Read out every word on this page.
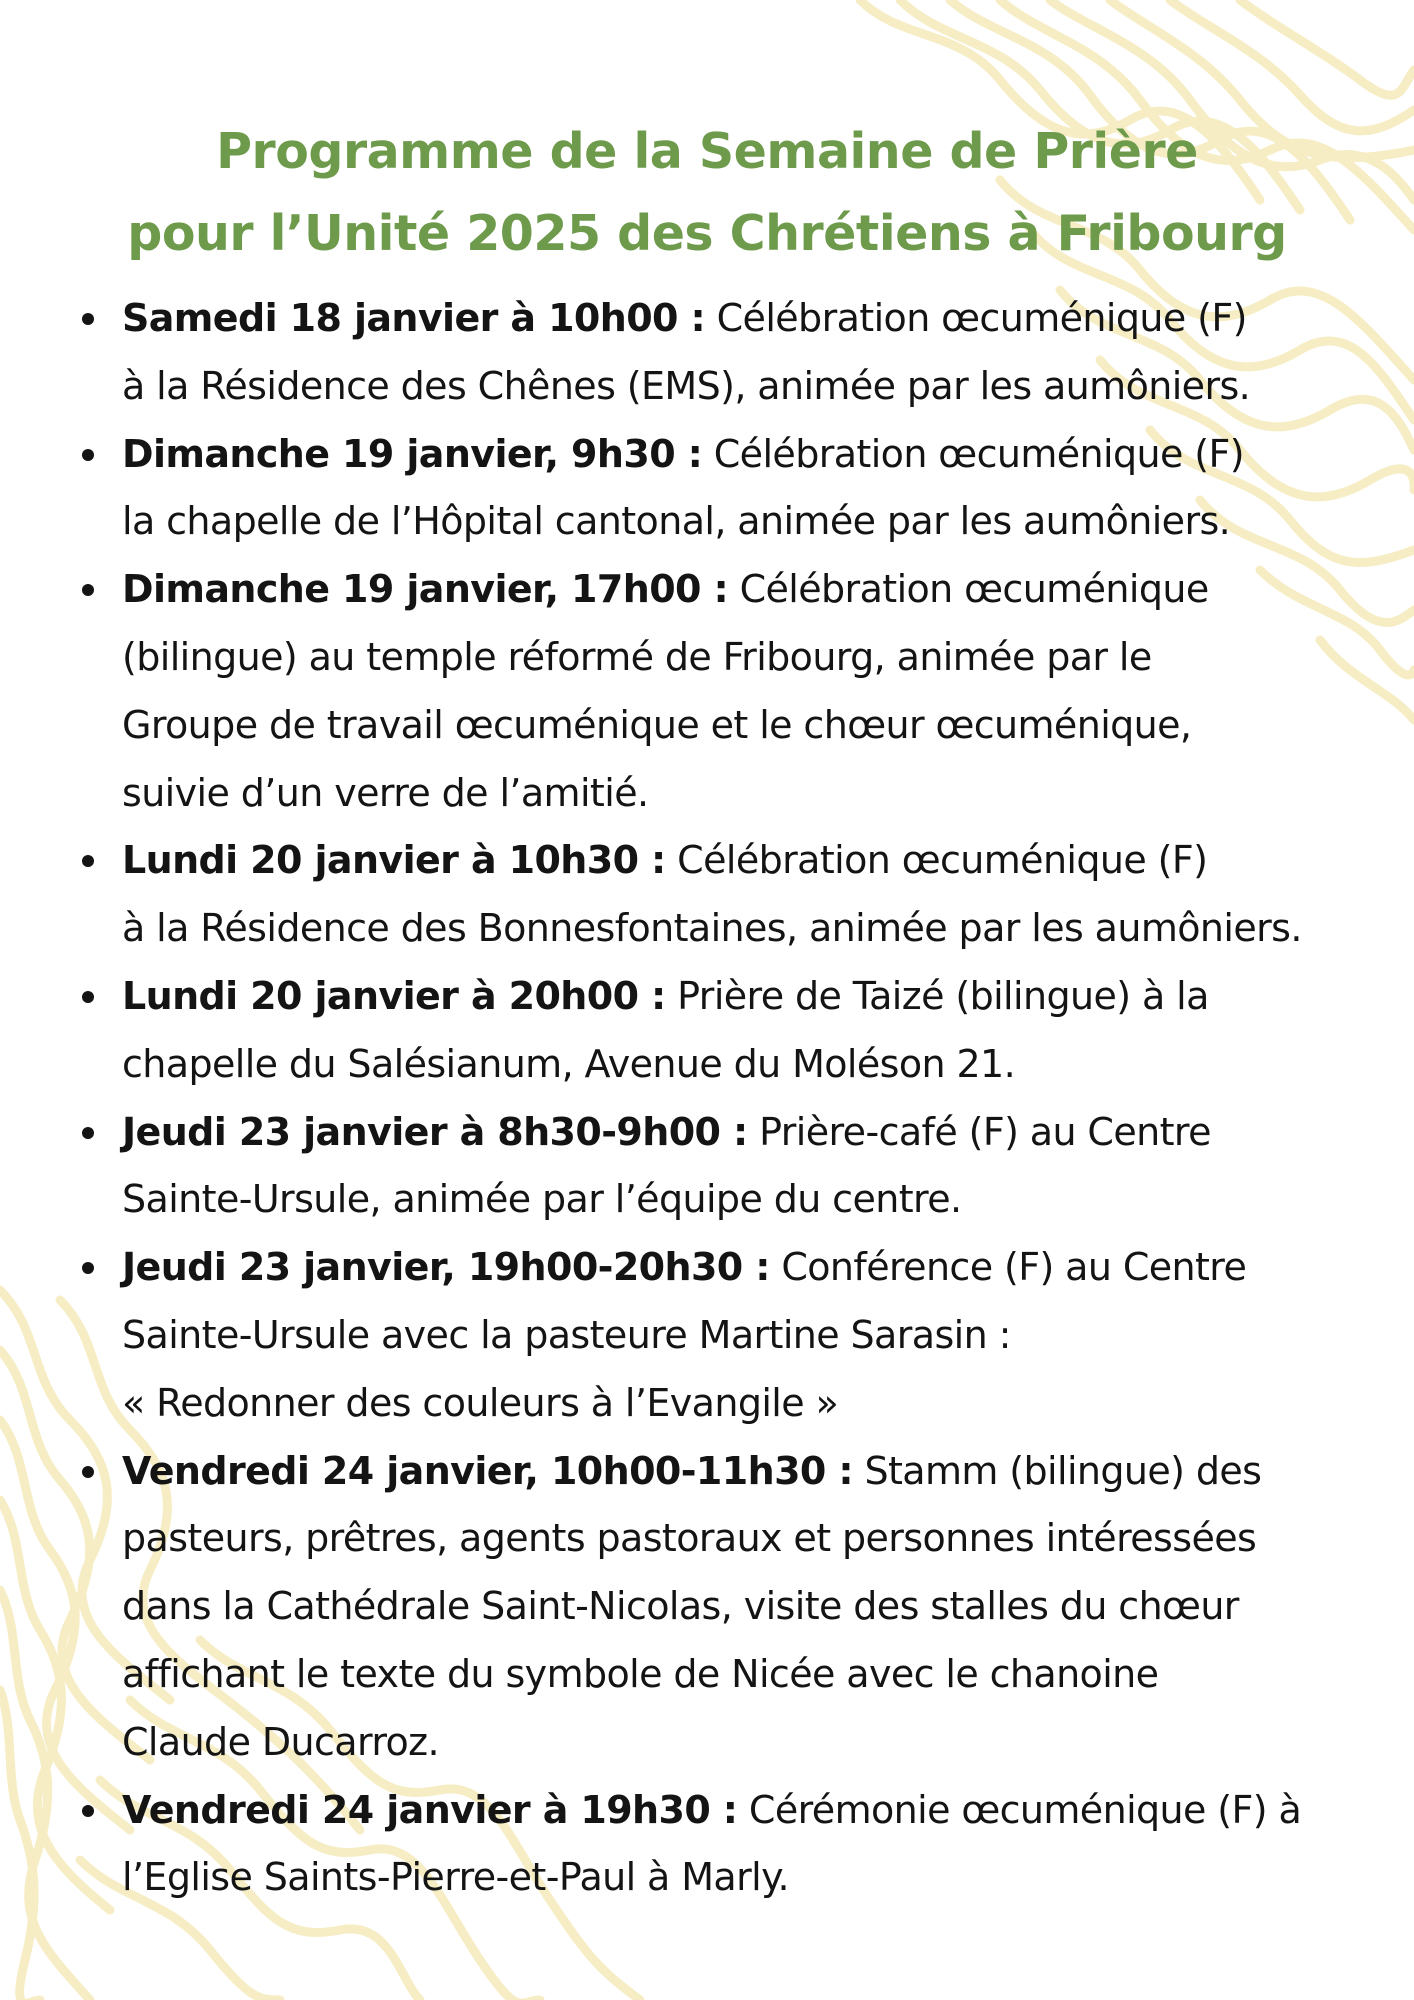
Programme de la Semaine de Prière
pour l’Unité 2025 des Chrétiens à Fribourg
Samedi 18 janvier à 10h00 : Célébration œcuménique (F)
à la Résidence des Chênes (EMS), animée par les aumôniers.
Dimanche 19 janvier, 9h30 : Célébration œcuménique (F)
la chapelle de l’Hôpital cantonal, animée par les aumôniers.
Dimanche 19 janvier, 17h00 : Célébration œcuménique
(bilingue) au temple réformé de Fribourg, animée par le
Groupe de travail œcuménique et le chœur œcuménique,
suivie d’un verre de l’amitié.
Lundi 20 janvier à 10h30 : Célébration œcuménique (F)
à la Résidence des Bonnesfontaines, animée par les aumôniers.
Lundi 20 janvier à 20h00 : Prière de Taizé (bilingue) à la
chapelle du Salésianum, Avenue du Moléson 21.
Jeudi 23 janvier à 8h30-9h00 : Prière-café (F) au Centre
Sainte-Ursule, animée par l’équipe du centre.
Jeudi 23 janvier, 19h00-20h30 : Conférence (F) au Centre
Sainte-Ursule avec la pasteure Martine Sarasin :
« Redonner des couleurs à l’Evangile »
Vendredi 24 janvier, 10h00-11h30 : Stamm (bilingue) des
pasteurs, prêtres, agents pastoraux et personnes intéressées
dans la Cathédrale Saint-Nicolas, visite des stalles du chœur
affichant le texte du symbole de Nicée avec le chanoine
Claude Ducarroz.
Vendredi 24 janvier à 19h30 : Cérémonie œcuménique (F) à
l’Eglise Saints-Pierre-et-Paul à Marly.
